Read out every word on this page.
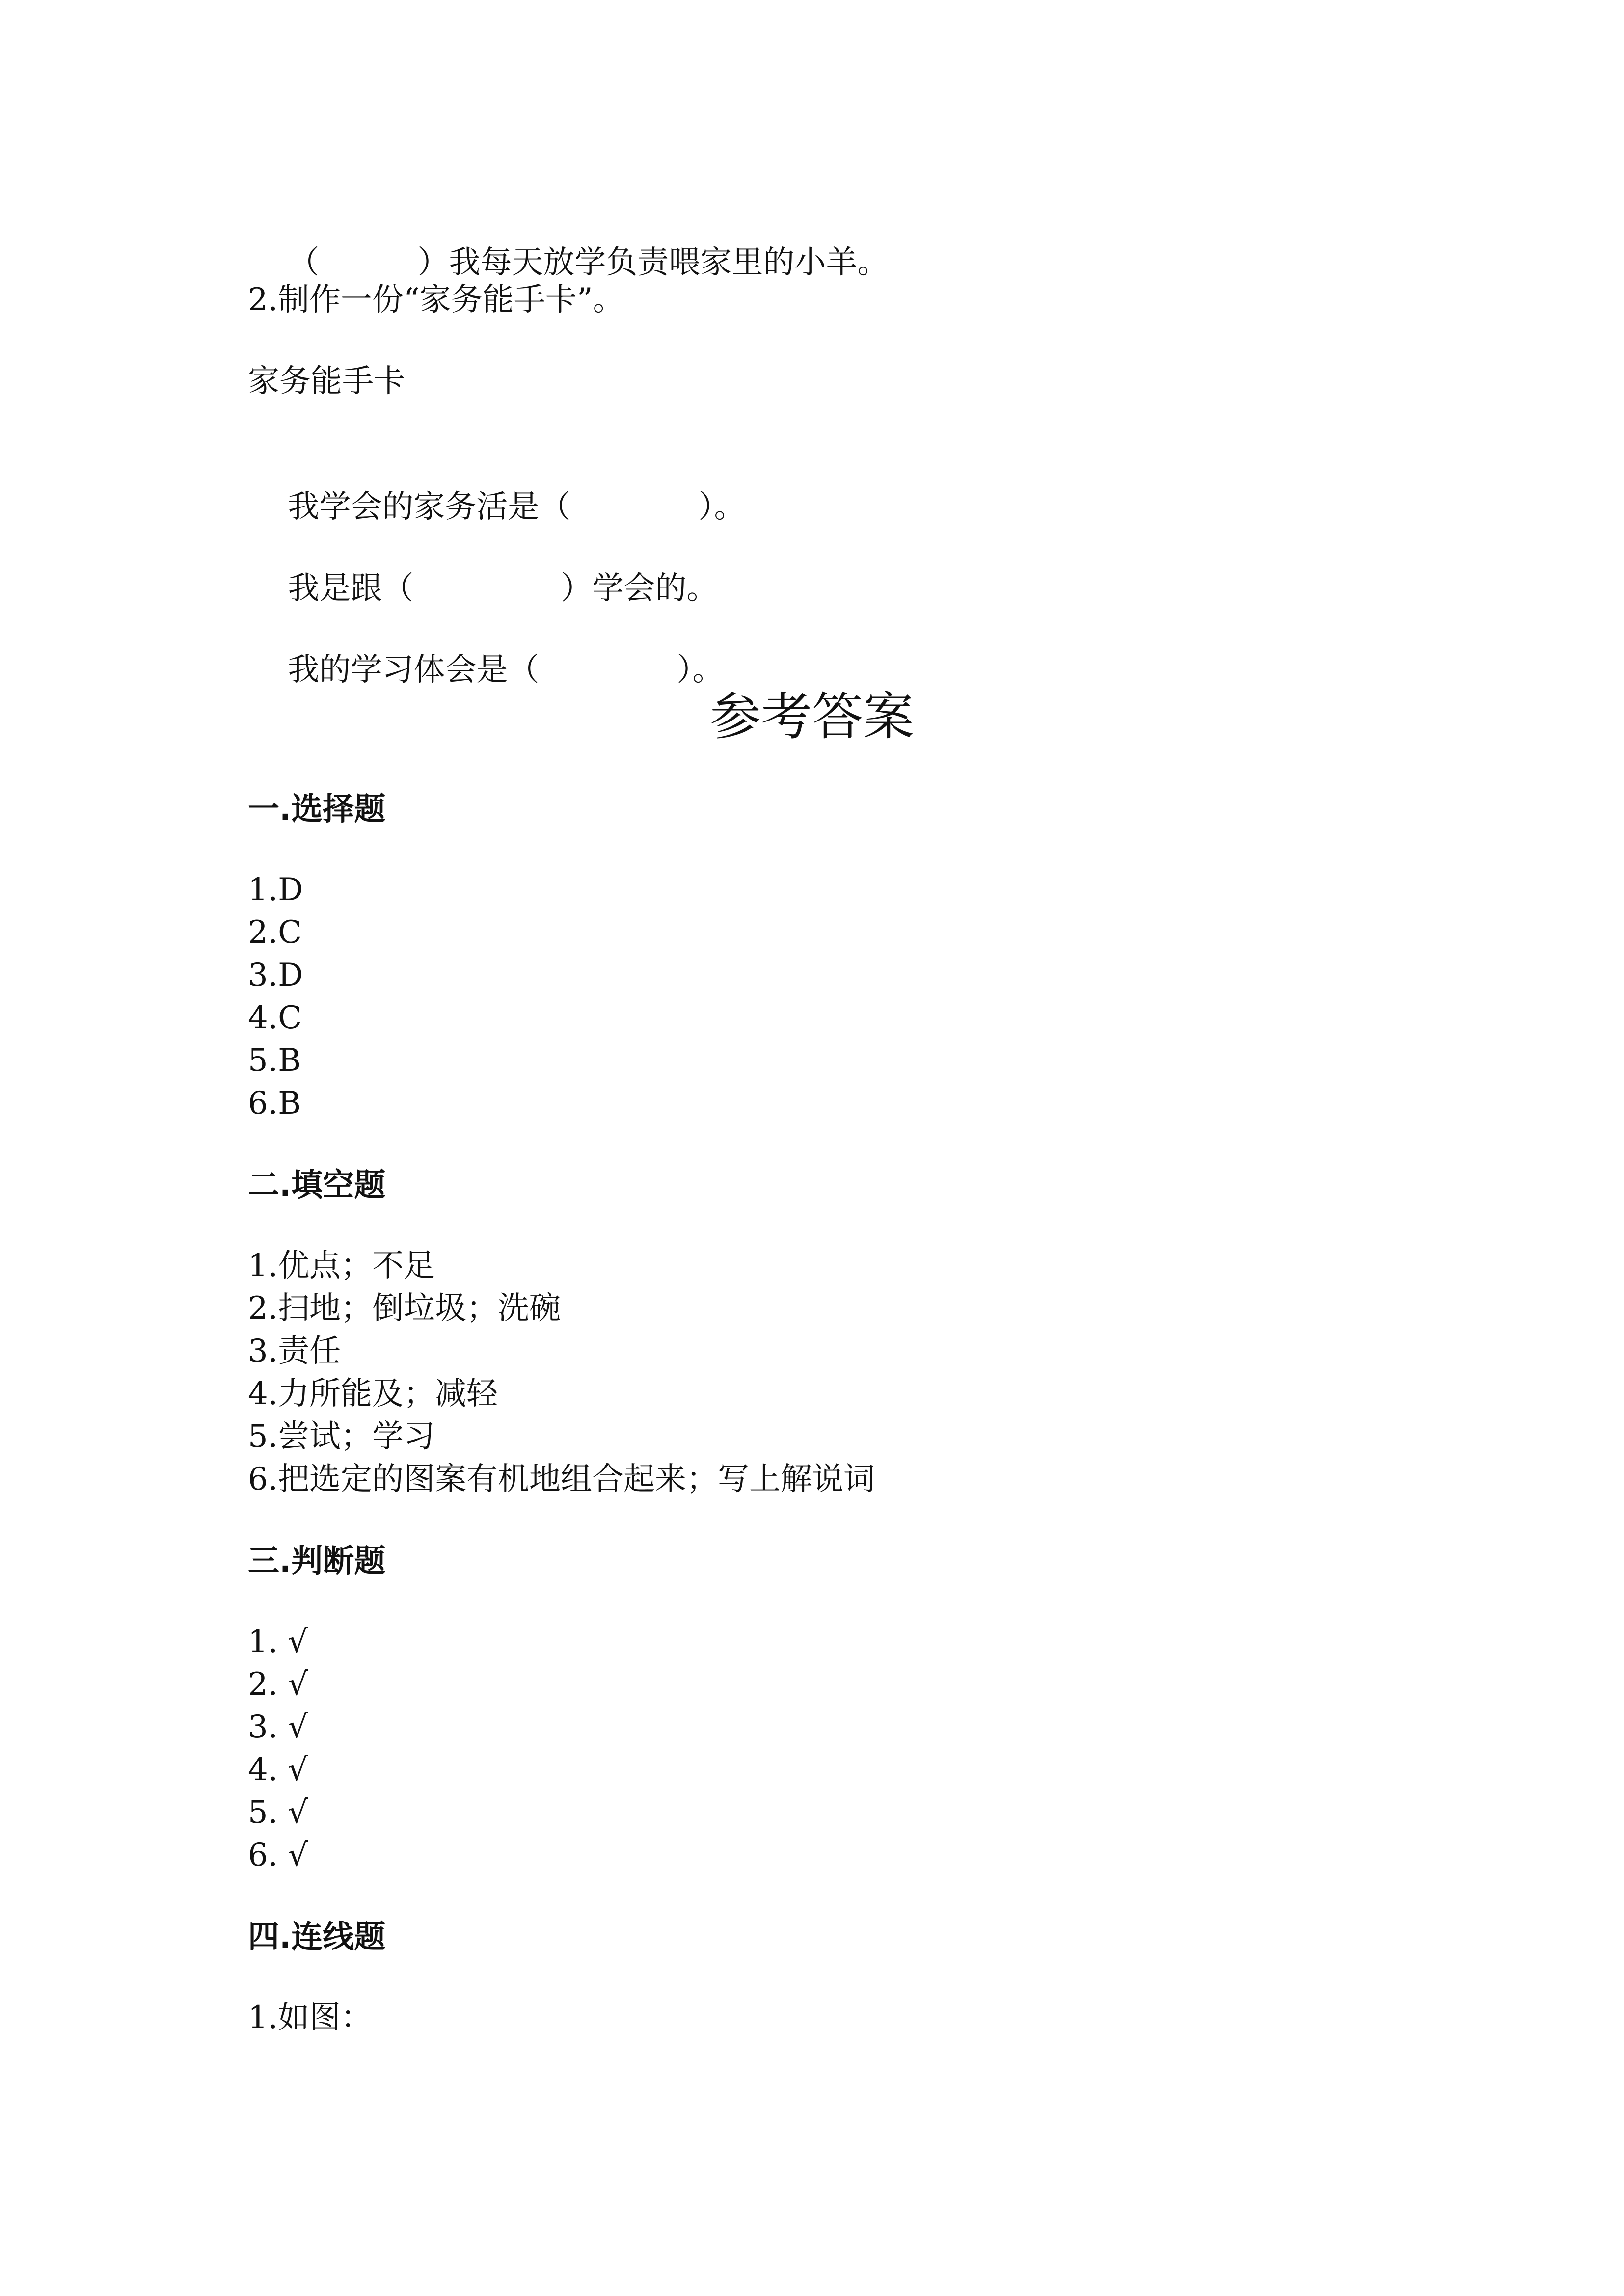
（	）我每天放学负责喂家里的小羊。

2.制作一份“家务能手卡”。
家务能手卡

我学会的家务活是（	）。

我是跟（	）学会的。

我的学习体会是（	）。

参考答案
一.选择题
1.D
2.C
3.D
4.C
5.B
6.B
二.填空题
1.优点；不足
2.扫地；倒垃圾；洗碗
3.责任
4.力所能及；减轻
5.尝试；学习
6.把选定的图案有机地组合起来；写上解说词
三.判断题
1. √
2. √
3. √
4. √
5. √
6. √
四.连线题
1.如图：
